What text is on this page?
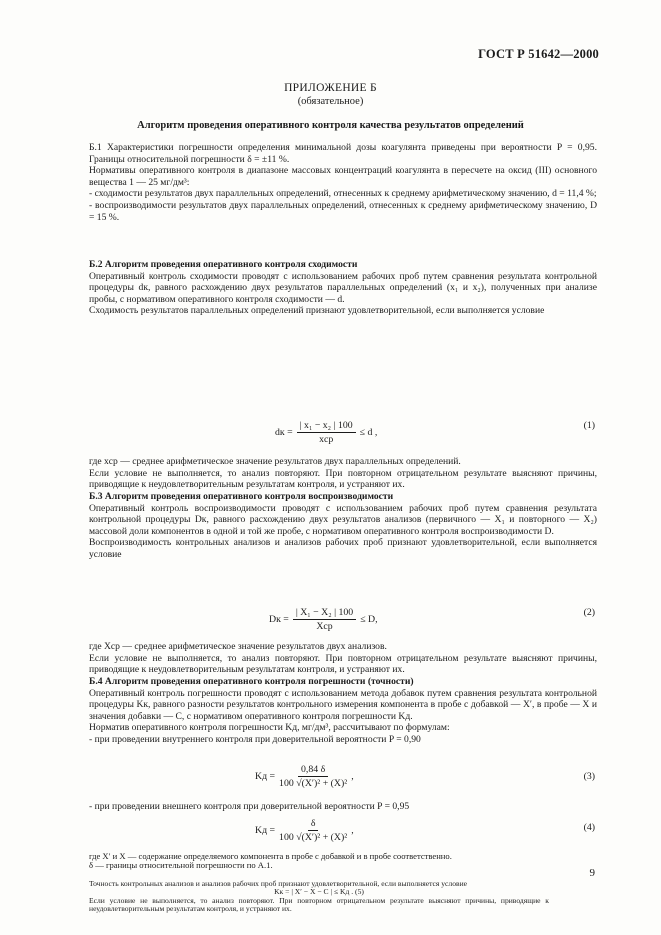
ГОСТ Р 51642—2000
ПРИЛОЖЕНИЕ Б
(обязательное)
Алгоритм проведения оперативного контроля качества результатов определений

Б.1 Характеристики погрешности определения минимальной дозы коагулянта приведены при вероятности P = 0,95. Границы относительной погрешности δ = ±11 %.

Нормативы оперативного контроля в диапазоне массовых концентраций коагулянта в пересчете на оксид (III) основного вещества 1 — 25 мг/дм³:

- сходимости результатов двух параллельных определений, отнесенных к среднему арифметическому значению, d = 11,4 %;

- воспроизводимости результатов двух параллельных определений, отнесенных к среднему арифметическому значению, D = 15 %.

Б.2 Алгоритм проведения оперативного контроля сходимости

Оперативный контроль сходимости проводят с использованием рабочих проб путем сравнения результата контрольной процедуры dк, равного расхождению двух результатов параллельных определений (x₁ и x₂), полученных при анализе пробы, с нормативом оперативного контроля сходимости — d.

Сходимость результатов параллельных определений признают удовлетворительной, если выполняется условие

dк = $\frac{\text{| x₁ − x₂ | 100}}{\text{xср}} \le d$ ,
(1)

где xср — среднее арифметическое значение результатов двух параллельных определений.

Если условие не выполняется, то анализ повторяют. При повторном отрицательном результате выясняют причины, приводящие к неудовлетворительным результатам контроля, и устраняют их.

Б.3 Алгоритм проведения оперативного контроля воспроизводимости

Оперативный контроль воспроизводимости проводят с использованием рабочих проб путем сравнения результата контрольной процедуры Dк, равного расхождению двух результатов анализов (первичного — X₁ и повторного — X₂) массовой доли компонентов в одной и той же пробе, с нормативом оперативного контроля воспроизводимости D.

Воспроизводимость контрольных анализов и анализов рабочих проб признают удовлетворительной, если выполняется условие

Dк = $\frac{\text{| X₁ − X₂ | 100}}{\text{Xср}} \le D$,
(2)

где Xср — среднее арифметическое значение результатов двух анализов.

Если условие не выполняется, то анализ повторяют. При повторном отрицательном результате выясняют причины, приводящие к неудовлетворительным результатам контроля, и устраняют их.

Б.4 Алгоритм проведения оперативного контроля погрешности (точности)

Оперативный контроль погрешности проводят с использованием метода добавок путем сравнения результата контрольной процедуры Kк, равного разности результатов контрольного измерения компонента в пробе с добавкой — X′, в пробе — X и значения добавки — C, с нормативом оперативного контроля погрешности Kд.

Норматив оперативного контроля погрешности Kд, мг/дм³, рассчитывают по формулам:

- при проведении внутреннего контроля при доверительной вероятности P = 0,90

Kд = $\frac{0,84 \delta}{\text{100 √(X′)² + (X)²}}$ ,	(3)

- при проведении внешнего контроля при доверительной вероятности P = 0,95

Kд = $\frac{\delta}{\text{100 √(X′)² + (X)²}}$ ,	(4)

где X′ и X — содержание определяемого компонента в пробе с добавкой и в пробе соответственно.

δ — границы относительной погрешности по А.1.

9

Точность контрольных анализов и анализов рабочих проб признают удовлетворительной, если выполняется условие

Kк = | X′ − X − C | ≤ Kд . (5)

Если условие не выполняется, то анализ повторяют. При повторном отрицательном результате выясняют причины, приводящие к неудовлетворительным результатам контроля, и устраняют их.
